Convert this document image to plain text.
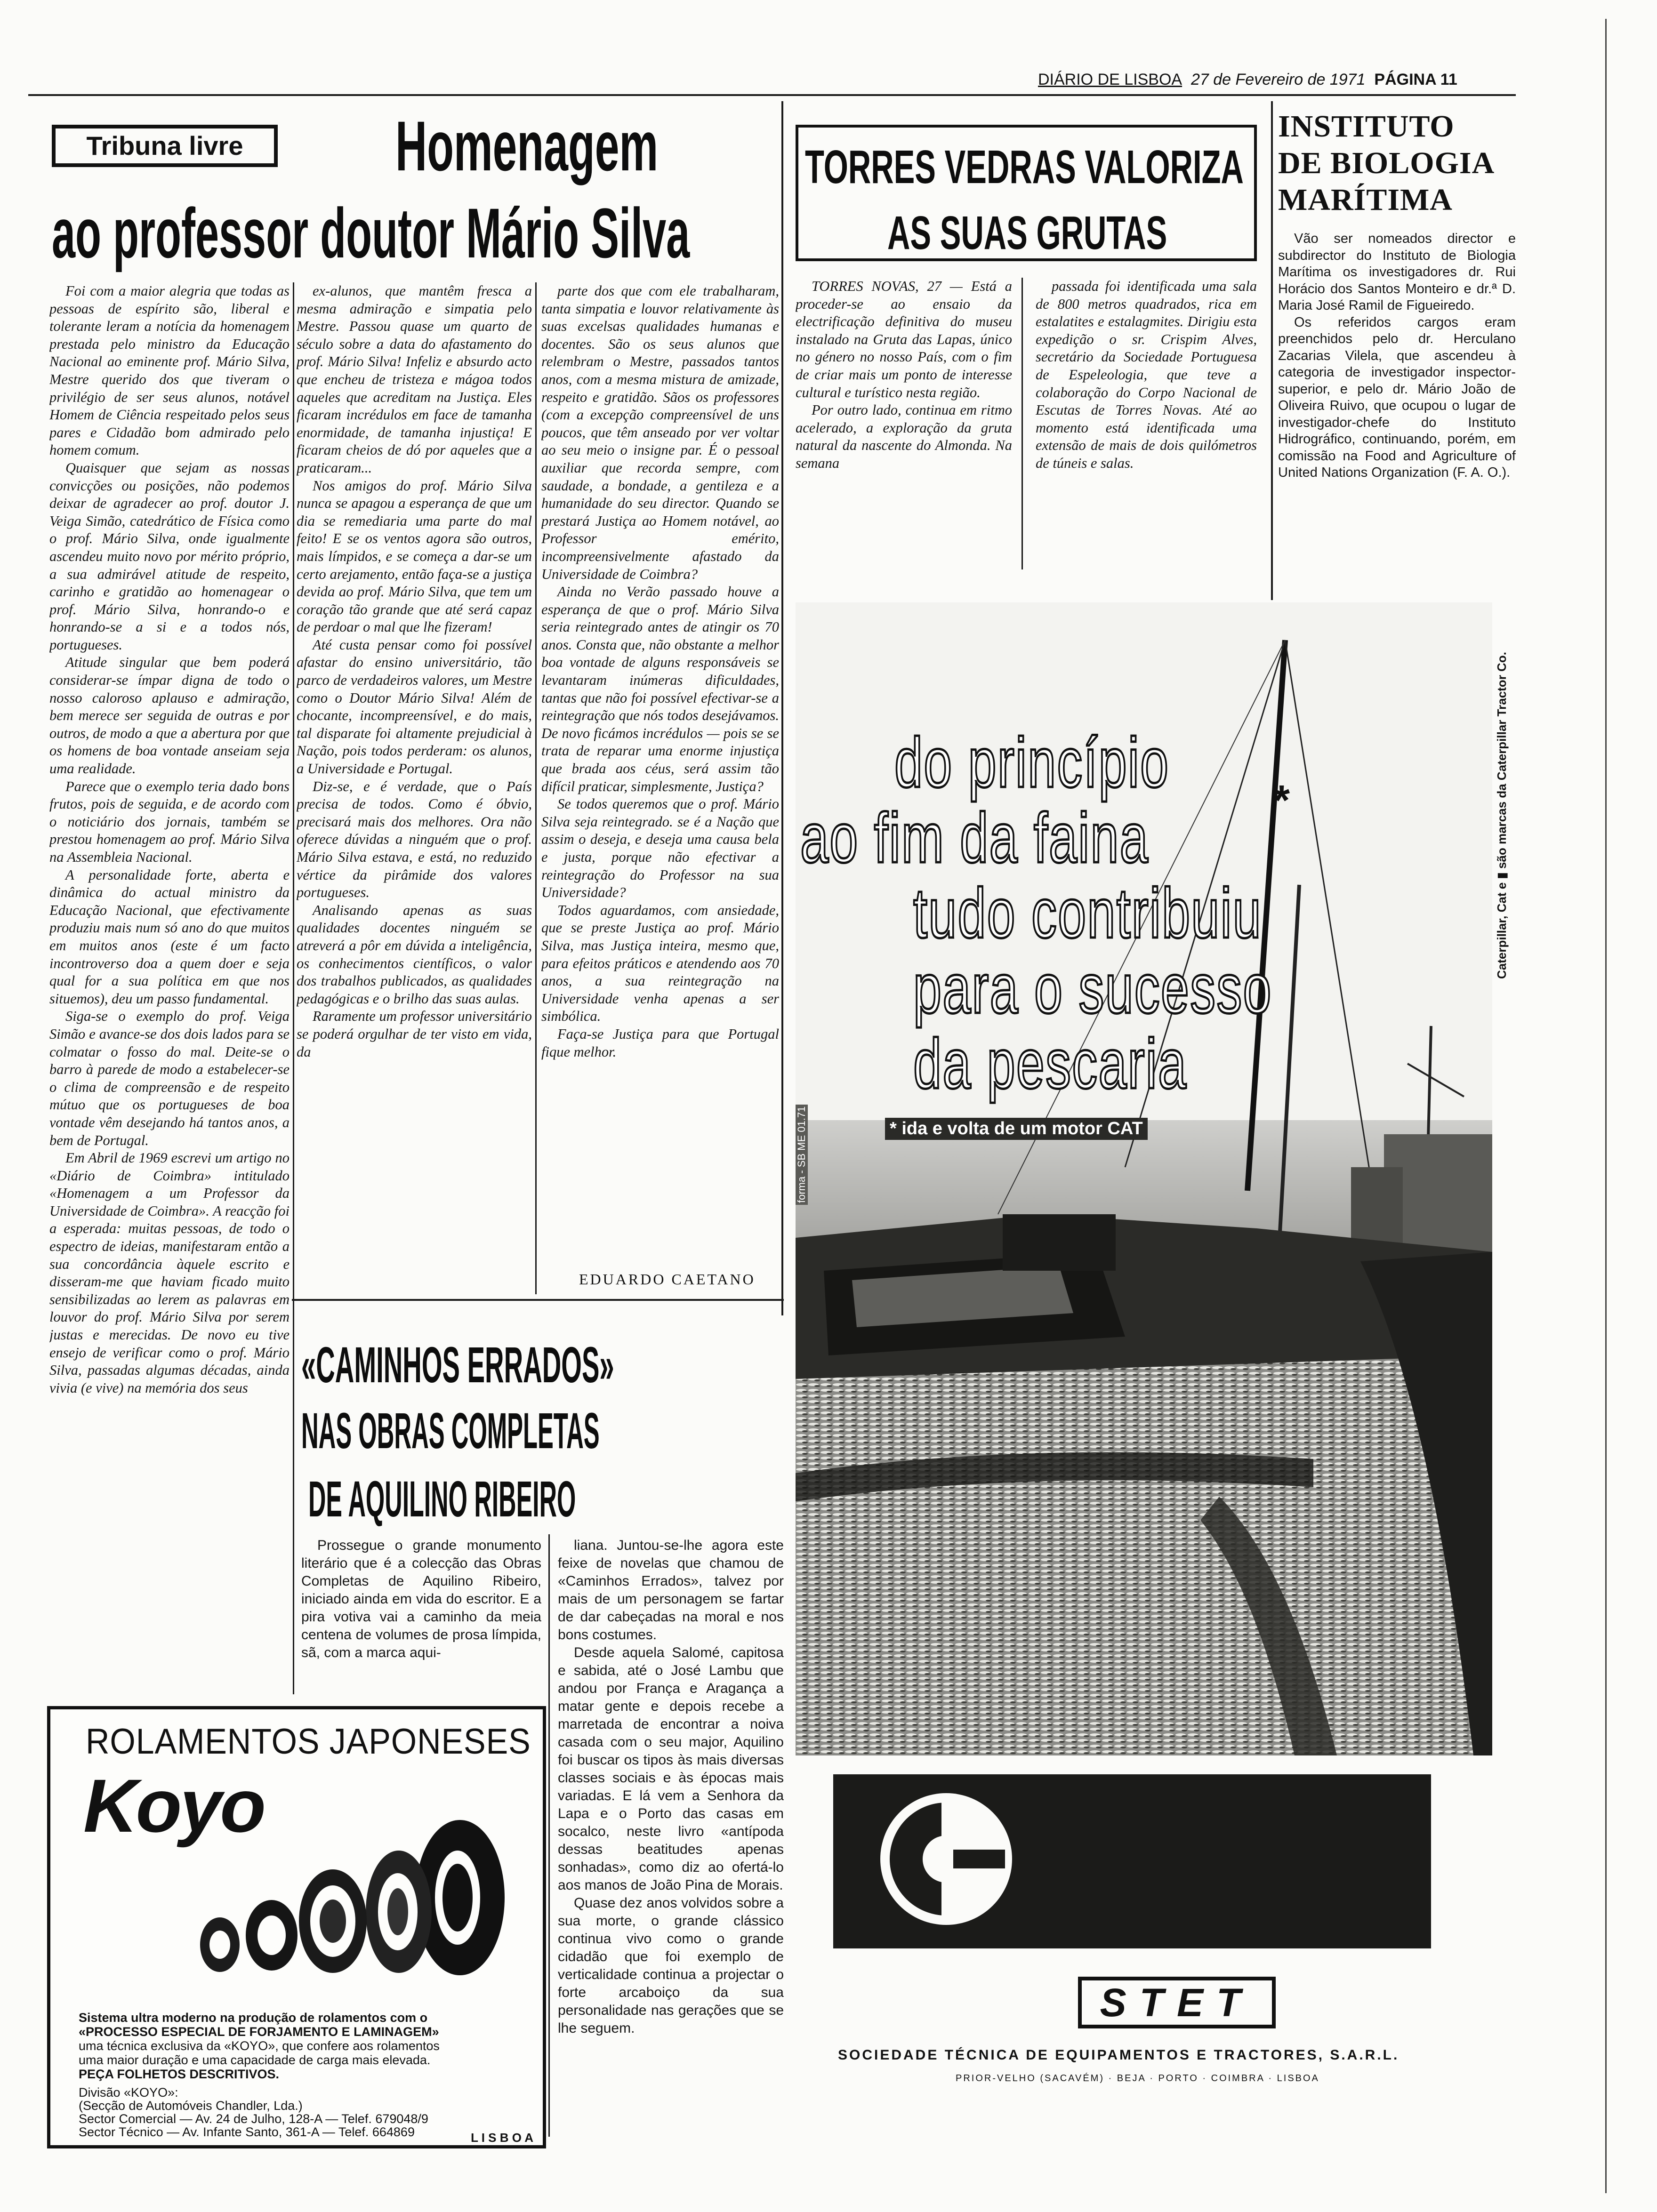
DIÁRIO DE LISBOA 27 de Fevereiro de 1971 PÁGINA 11
Tribuna livre	Homenagem
ao professor doutor Mário Silva

Foi com a maior alegria que todas as pessoas de espírito são, liberal e tolerante leram a notícia da homenagem prestada pelo ministro da Educação Nacional ao eminente prof. Mário Silva, Mestre querido dos que tiveram o privilégio de ser seus alunos, notável Homem de Ciência respeitado pelos seus pares e Cidadão bom admirado pelo homem comum.

Quaisquer que sejam as nossas convicções ou posições, não podemos deixar de agradecer ao prof. doutor J. Veiga Simão, catedrático de Física como o prof. Mário Silva, onde igualmente ascendeu muito novo por mérito próprio, a sua admirável atitude de respeito, carinho e gratidão ao homenagear o prof. Mário Silva, honrando-o e honrando-se a si e a todos nós, portugueses.

Atitude singular que bem poderá considerar-se ímpar digna de todo o nosso caloroso aplauso e admiração, bem merece ser seguida de outras e por outros, de modo a que a abertura por que os homens de boa vontade anseiam seja uma realidade.

Parece que o exemplo teria dado bons frutos, pois de seguida, e de acordo com o noticiário dos jornais, também se prestou homenagem ao prof. Mário Silva na Assembleia Nacional.

A personalidade forte, aberta e dinâmica do actual ministro da Educação Nacional, que efectivamente produziu mais num só ano do que muitos em muitos anos (este é um facto incontroverso doa a quem doer e seja qual for a sua política em que nos situemos), deu um passo fundamental.

Siga-se o exemplo do prof. Veiga Simão e avance-se dos dois lados para se colmatar o fosso do mal. Deite-se o barro à parede de modo a estabelecer-se o clima de compreensão e de respeito mútuo que os portugueses de boa vontade vêm desejando há tantos anos, a bem de Portugal.

Em Abril de 1969 escrevi um artigo no «Diário de Coimbra» intitulado «Homenagem a um Professor da Universidade de Coimbra». A reacção foi a esperada: muitas pessoas, de todo o espectro de ideias, manifestaram então a sua concordância àquele escrito e disseram-me que haviam ficado muito sensibilizadas ao lerem as palavras em louvor do prof. Mário Silva por serem justas e merecidas. De novo eu tive ensejo de verificar como o prof. Mário Silva, passadas algumas décadas, ainda vivia (e vive) na memória dos seus

ex-alunos, que mantêm fresca a mesma admiração e simpatia pelo Mestre. Passou quase um quarto de século sobre a data do afastamento do prof. Mário Silva! Infeliz e absurdo acto que encheu de tristeza e mágoa todos aqueles que acreditam na Justiça. Eles ficaram incrédulos em face de tamanha enormidade, de tamanha injustiça! E ficaram cheios de dó por aqueles que a praticaram...

Nos amigos do prof. Mário Silva nunca se apagou a esperança de que um dia se remediaria uma parte do mal feito! E se os ventos agora são outros, mais límpidos, e se começa a dar-se um certo arejamento, então faça-se a justiça devida ao prof. Mário Silva, que tem um coração tão grande que até será capaz de perdoar o mal que lhe fizeram!

Até custa pensar como foi possível afastar do ensino universitário, tão parco de verdadeiros valores, um Mestre como o Doutor Mário Silva! Além de chocante, incompreensível, e do mais, tal disparate foi altamente prejudicial à Nação, pois todos perderam: os alunos, a Universidade e Portugal.

Diz-se, e é verdade, que o País precisa de todos. Como é óbvio, precisará mais dos melhores. Ora não oferece dúvidas a ninguém que o prof. Mário Silva estava, e está, no reduzido vértice da pirâmide dos valores portugueses.

Analisando apenas as suas qualidades docentes ninguém se atreverá a pôr em dúvida a inteligência, os conhecimentos científicos, o valor dos trabalhos publicados, as qualidades pedagógicas e o brilho das suas aulas.

Raramente um professor universitário se poderá orgulhar de ter visto em vida, da

parte dos que com ele trabalharam, tanta simpatia e louvor relativamente às suas excelsas qualidades humanas e docentes. São os seus alunos que relembram o Mestre, passados tantos anos, com a mesma mistura de amizade, respeito e gratidão. Sãos os professores (com a excepção compreensível de uns poucos, que têm anseado por ver voltar ao seu meio o insigne par. É o pessoal auxiliar que recorda sempre, com saudade, a bondade, a gentileza e a humanidade do seu director. Quando se prestará Justiça ao Homem notável, ao Professor emérito, incompreensivelmente afastado da Universidade de Coimbra?

Ainda no Verão passado houve a esperança de que o prof. Mário Silva seria reintegrado antes de atingir os 70 anos. Consta que, não obstante a melhor boa vontade de alguns responsáveis se levantaram inúmeras dificuldades, tantas que não foi possível efectivar-se a reintegração que nós todos desejávamos. De novo ficámos incrédulos — pois se se trata de reparar uma enorme injustiça que brada aos céus, será assim tão difícil praticar, simplesmente, Justiça?

Se todos queremos que o prof. Mário Silva seja reintegrado. se é a Nação que assim o deseja, e deseja uma causa bela e justa, porque não efectivar a reintegração do Professor na sua Universidade?

Todos aguardamos, com ansiedade, que se preste Justiça ao prof. Mário Silva, mas Justiça inteira, mesmo que, para efeitos práticos e atendendo aos 70 anos, a sua reintegração na Universidade venha apenas a ser simbólica.

Faça-se Justiça para que Portugal fique melhor.

EDUARDO CAETANO
TORRES VEDRAS VALORIZA
AS SUAS GRUTAS

TORRES NOVAS, 27 — Está a proceder-se ao ensaio da electrificação definitiva do museu instalado na Gruta das Lapas, único no género no nosso País, com o fim de criar mais um ponto de interesse cultural e turístico nesta região.

Por outro lado, continua em ritmo acelerado, a exploração da gruta natural da nascente do Almonda. Na semana

passada foi identificada uma sala de 800 metros quadrados, rica em estalatites e estalagmites. Dirigiu esta expedição o sr. Crispim Alves, secretário da Sociedade Portuguesa de Espeleologia, que teve a colaboração do Corpo Nacional de Escutas de Torres Novas. Até ao momento está identificada uma extensão de mais de dois quilómetros de túneis e salas.

INSTITUTO
DE BIOLOGIA
MARÍTIMA

Vão ser nomeados director e subdirector do Instituto de Biologia Marítima os investigadores dr. Rui Horácio dos Santos Monteiro e dr.ª D. Maria José Ramil de Figueiredo.

Os referidos cargos eram preenchidos pelo dr. Herculano Zacarias Vilela, que ascendeu à categoria de investigador inspector-superior, e pelo dr. Mário João de Oliveira Ruivo, que ocupou o lugar de investigador-chefe do Instituto Hidrográfico, continuando, porém, em comissão na Food and Agriculture of United Nations Organization (F. A. O.).

«CAMINHOS ERRADOS»
NAS OBRAS COMPLETAS
DE AQUILINO RIBEIRO

Prossegue o grande monumento literário que é a colecção das Obras Completas de Aquilino Ribeiro, iniciado ainda em vida do escritor. E a pira votiva vai a caminho da meia centena de volumes de prosa límpida, sã, com a marca aqui-

liana. Juntou-se-lhe agora este feixe de novelas que chamou de «Caminhos Errados», talvez por mais de um personagem se fartar de dar cabeçadas na moral e nos bons costumes.

Desde aquela Salomé, capitosa e sabida, até o José Lambu que andou por França e Aragança a matar gente e depois recebe a marretada de encontrar a noiva casada com o seu major, Aquilino foi buscar os tipos às mais diversas classes sociais e às épocas mais variadas. E lá vem a Senhora da Lapa e o Porto das casas em socalco, neste livro «antípoda dessas beatitudes apenas sonhadas», como diz ao ofertá-lo aos manos de João Pina de Morais.

Quase dez anos volvidos sobre a sua morte, o grande clássico continua vivo como o grande cidadão que foi exemplo de verticalidade continua a projectar o forte arcaboiço da sua personalidade nas gerações que se lhe seguem.

ROLAMENTOS JAPONESES
Koyo
Sistema ultra moderno na produção de rolamentos com o
«PROCESSO ESPECIAL DE FORJAMENTO E LAMINAGEM»
uma técnica exclusiva da «KOYO», que confere aos rolamentos
uma maior duração e uma capacidade de carga mais elevada.
PEÇA FOLHETOS DESCRITIVOS.
Divisão «KOYO»:
(Secção de Automóveis Chandler, Lda.)
Sector Comercial — Av. 24 de Julho, 128-A — Telef. 679048/9
Sector Técnico — Av. Infante Santo, 361-A — Telef. 664869	L I S B O A
do princípio
ao fim da faina
tudo contribuiu
para o sucesso
da pescaria
*
* ida e volta de um motor CAT
forma - SB ME 01.71
Caterpillar, Cat e ▮ são marcas da Caterpillar Tractor Co.
STET
SOCIEDADE TÉCNICA DE EQUIPAMENTOS E TRACTORES, S.A.R.L.
PRIOR-VELHO (SACAVÉM) · BEJA · PORTO · COIMBRA · LISBOA
